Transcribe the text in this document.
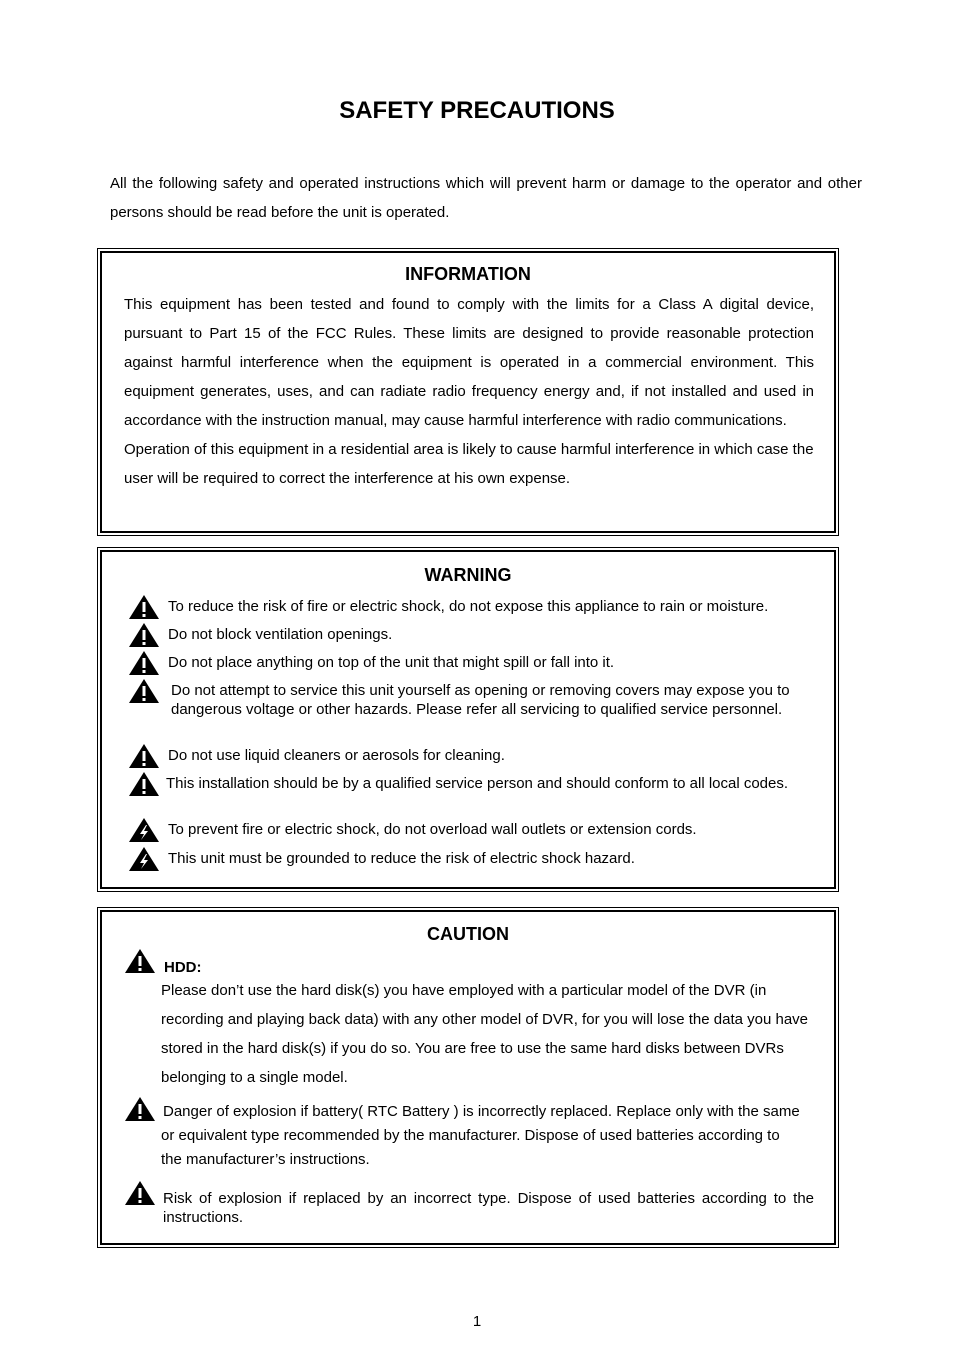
SAFETY PRECAUTIONS

All the following safety and operated instructions which will prevent harm or damage to the operator and other persons should be read before the unit is operated.

INFORMATION

This equipment has been tested and found to comply with the limits for a Class A digital device, pursuant to Part 15 of the FCC Rules. These limits are designed to provide reasonable protection against harmful interference when the equipment is operated in a commercial environment. This equipment generates, uses, and can radiate radio frequency energy and, if not installed and used in accordance with the instruction manual, may cause harmful interference with radio communications.

Operation of this equipment in a residential area is likely to cause harmful interference in which case the user will be required to correct the interference at his own expense.

WARNING
To reduce the risk of fire or electric shock, do not expose this appliance to rain or moisture.
Do not block ventilation openings.
Do not place anything on top of the unit that might spill or fall into it.
Do not attempt to service this unit yourself as opening or removing covers may expose you to dangerous voltage or other hazards. Please refer all servicing to qualified service personnel.
Do not use liquid cleaners or aerosols for cleaning.
This installation should be by a qualified service person and should conform to all local codes.
To prevent fire or electric shock, do not overload wall outlets or extension cords.
This unit must be grounded to reduce the risk of electric shock hazard.
CAUTION
HDD:

Please don’t use the hard disk(s) you have employed with a particular model of the DVR (in recording and playing back data) with any other model of DVR, for you will lose the data you have stored in the hard disk(s) if you do so. You are free to use the same hard disks between DVRs belonging to a single model.

Danger of explosion if battery( RTC Battery ) is incorrectly replaced. Replace only with the same or equivalent type recommended by the manufacturer. Dispose of used batteries according to the manufacturer’s instructions.

Risk of explosion if replaced by an incorrect type. Dispose of used batteries according to the instructions.

1
